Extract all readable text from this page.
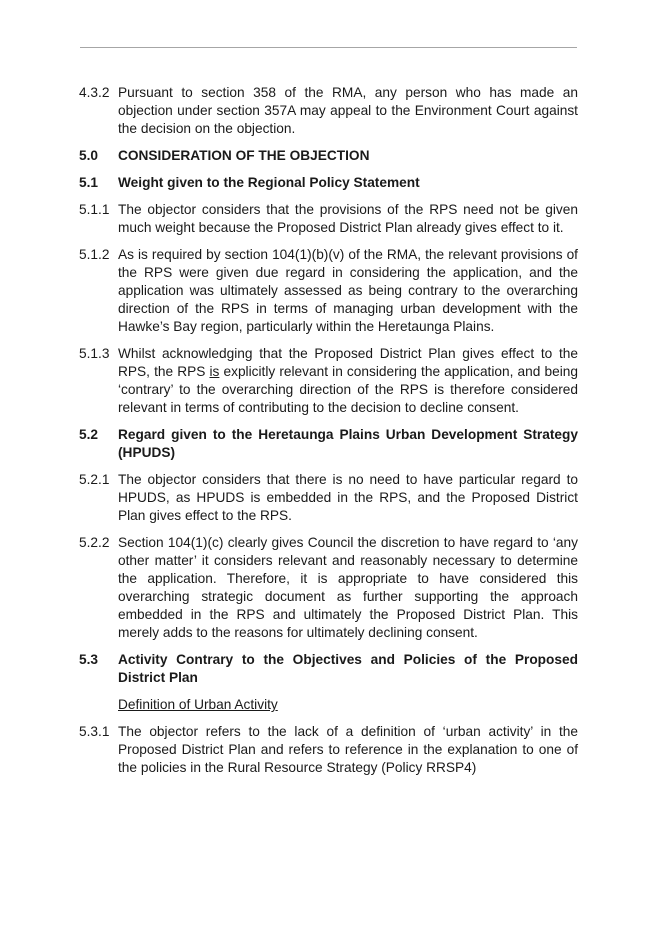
4.3.2 Pursuant to section 358 of the RMA, any person who has made an objection under section 357A may appeal to the Environment Court against the decision on the objection.
5.0	CONSIDERATION OF THE OBJECTION
5.1	Weight given to the Regional Policy Statement
5.1.1 The objector considers that the provisions of the RPS need not be given much weight because the Proposed District Plan already gives effect to it.
5.1.2 As is required by section 104(1)(b)(v) of the RMA, the relevant provisions of the RPS were given due regard in considering the application, and the application was ultimately assessed as being contrary to the overarching direction of the RPS in terms of managing urban development with the Hawke’s Bay region, particularly within the Heretaunga Plains.
5.1.3 Whilst acknowledging that the Proposed District Plan gives effect to the RPS, the RPS is explicitly relevant in considering the application, and being ‘contrary’ to the overarching direction of the RPS is therefore considered relevant in terms of contributing to the decision to decline consent.
5.2	Regard given to the Heretaunga Plains Urban Development Strategy (HPUDS)
5.2.1 The objector considers that there is no need to have particular regard to HPUDS, as HPUDS is embedded in the RPS, and the Proposed District Plan gives effect to the RPS.
5.2.2 Section 104(1)(c) clearly gives Council the discretion to have regard to ‘any other matter’ it considers relevant and reasonably necessary to determine the application. Therefore, it is appropriate to have considered this overarching strategic document as further supporting the approach embedded in the RPS and ultimately the Proposed District Plan. This merely adds to the reasons for ultimately declining consent.
5.3	Activity Contrary to the Objectives and Policies of the Proposed District Plan
Definition of Urban Activity
5.3.1 The objector refers to the lack of a definition of ‘urban activity’ in the Proposed District Plan and refers to reference in the explanation to one of the policies in the Rural Resource Strategy (Policy RRSP4)
